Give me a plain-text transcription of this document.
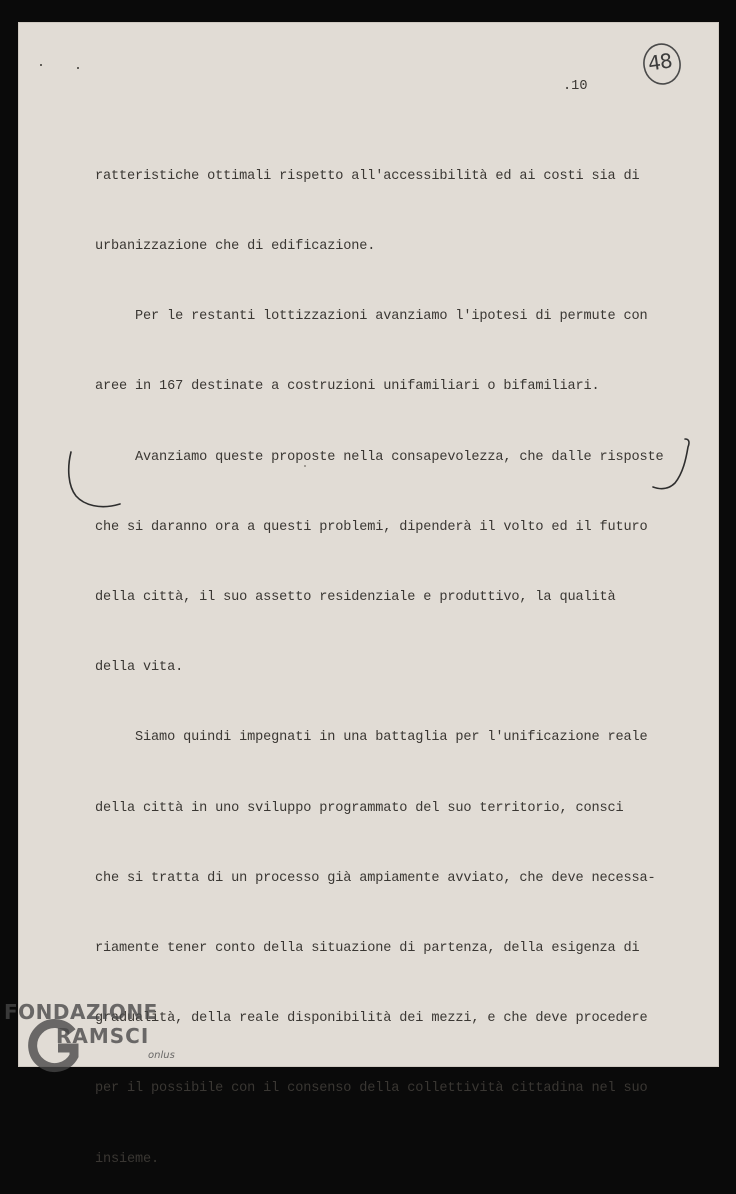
.10
48

ratteristiche ottimali rispetto all'accessibilità ed ai costi sia di

urbanizzazione che di edificazione.

Per le restanti lottizzazioni avanziamo l'ipotesi di permute con

aree in 167 destinate a costruzioni unifamiliari o bifamiliari.

Avanziamo queste proposte nella consapevolezza, che dalle risposte

che si daranno ora a questi problemi, dipenderà il volto ed il futuro

della città, il suo assetto residenziale e produttivo, la qualità

della vita.

Siamo quindi impegnati in una battaglia per l'unificazione reale

della città in uno sviluppo programmato del suo territorio, consci

che si tratta di un processo già ampiamente avviato, che deve necessa-

riamente tener conto della situazione di partenza, della esigenza di

gradualità, della reale disponibilità dei mezzi, e che deve procedere

per il possibile con il consenso della collettività cittadina nel suo

insieme.

FONDAZIONE
RAMSCI
onlus
